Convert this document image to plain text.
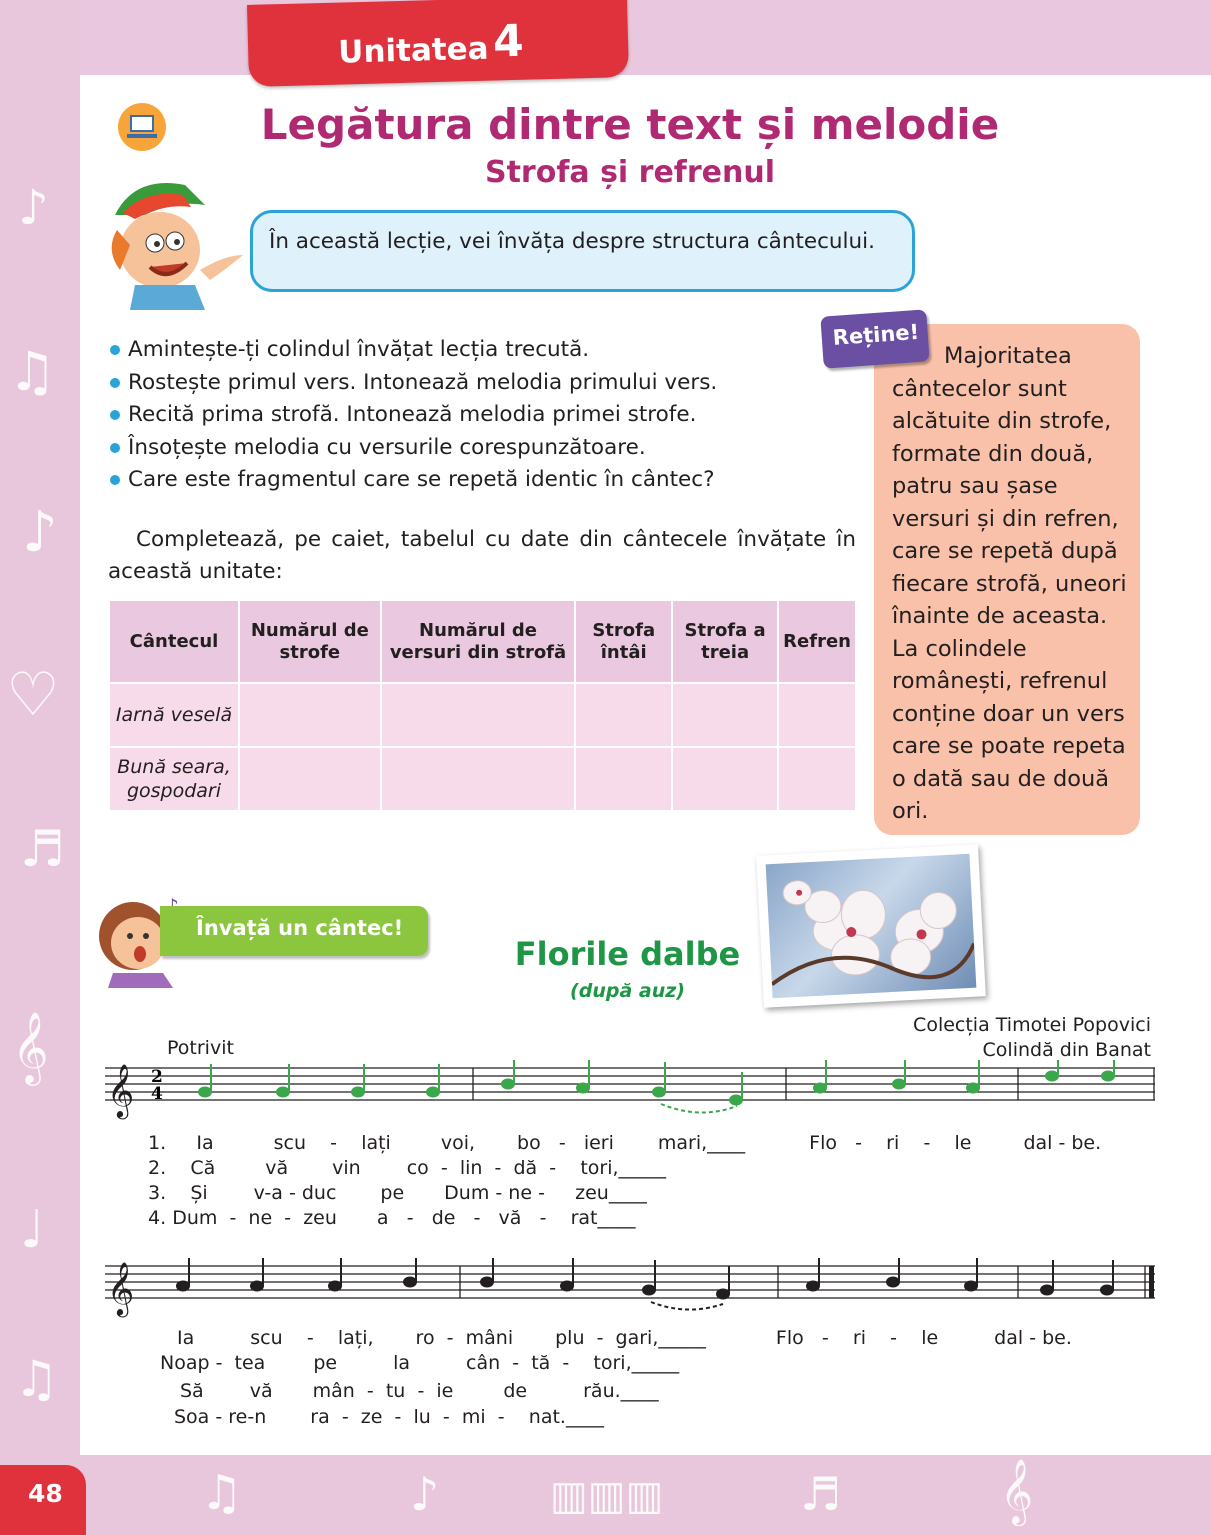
♪
♫
♪
♡
♬
𝄞
♩
♫
♫	♪	▥▥▥	♬	𝄞
Unitatea 4
Legătura dintre text și melodie
Strofa și refrenul

În această lecție, vei învăța despre structura cântecului.

Amintește-ți colindul învățat lecția trecută.
Rostește primul vers. Intonează melodia primului vers.
Recită prima strofă. Intonează melodia primei strofe.
Însoțește melodia cu versurile corespunzătoare.
Care este fragmentul care se repetă identic în cântec?
Completează, pe caiet, tabelul cu date din cântecele învățate în această unitate:
Cântecul	Numărul de strofe	Numărul de versuri din strofă	Strofa întâi	Strofa a treia	Refren
Iarnă veselă					
Bună seara, gospodari					

Majoritatea cântecelor sunt alcătuite din strofe, formate din două, patru sau șase versuri și din refren, care se repetă după fiecare strofă, uneori înainte de aceasta. La colindele românești, refrenul conține doar un vers care se poate repeta o dată sau de două ori.

Reține!
Învață un cântec!
Florile dalbe
(după auz)
Colecția Timotei Popovici
Colindă din Banat
Potrivit
𝄞 2
4
1. Ia	scu - lați	voi, bo - ieri mari,____	Flo - ri - le	dal - be.
2. Că	vă vin co - lin - dă - tori,_____
3. Și v-a - duc pe Dum - ne - zeu____
4. Dum - ne - zeu a - de - vă - rat____
𝄞
Ia	scu - lați, ro - mâni plu - gari,_____	Flo - ri - le	dal - be.
Noap - tea	pe	la	cân - tă - tori,_____
Să vă mân - tu - ie	de	rău.____
Soa - re-n ra - ze - lu - mi - nat.____
48
